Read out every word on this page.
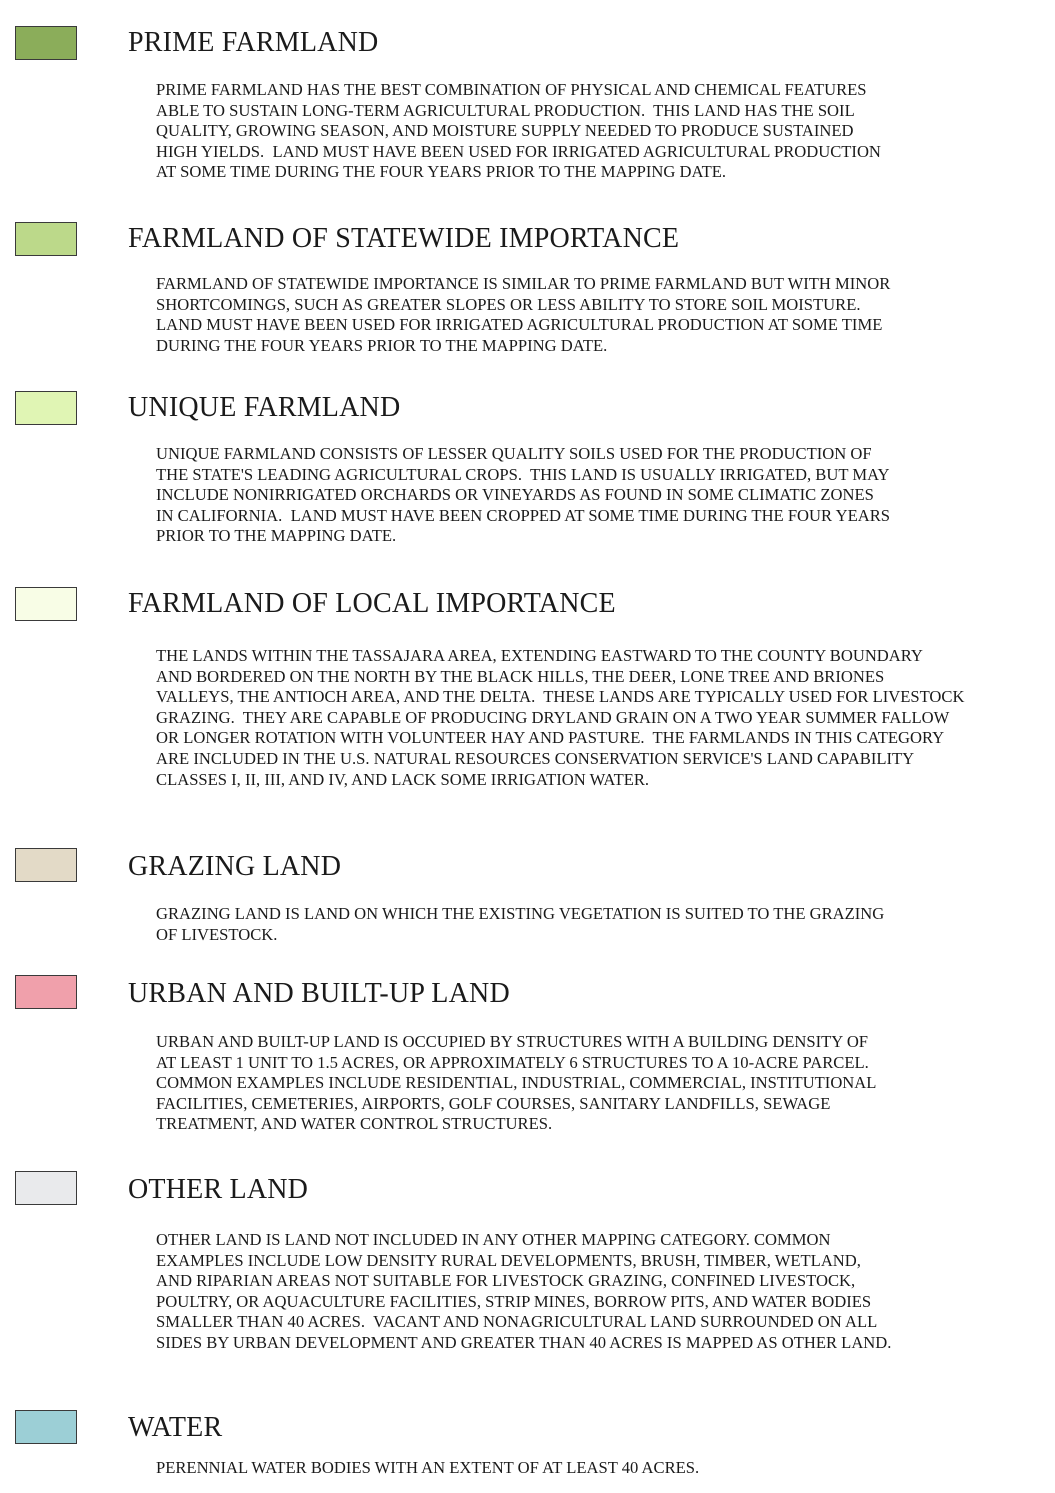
PRIME FARMLAND
PRIME FARMLAND HAS THE BEST COMBINATION OF PHYSICAL AND CHEMICAL FEATURES
ABLE TO SUSTAIN LONG-TERM AGRICULTURAL PRODUCTION.  THIS LAND HAS THE SOIL
QUALITY, GROWING SEASON, AND MOISTURE SUPPLY NEEDED TO PRODUCE SUSTAINED
HIGH YIELDS.  LAND MUST HAVE BEEN USED FOR IRRIGATED AGRICULTURAL PRODUCTION
AT SOME TIME DURING THE FOUR YEARS PRIOR TO THE MAPPING DATE.
FARMLAND OF STATEWIDE IMPORTANCE
FARMLAND OF STATEWIDE IMPORTANCE IS SIMILAR TO PRIME FARMLAND BUT WITH MINOR
SHORTCOMINGS, SUCH AS GREATER SLOPES OR LESS ABILITY TO STORE SOIL MOISTURE.
LAND MUST HAVE BEEN USED FOR IRRIGATED AGRICULTURAL PRODUCTION AT SOME TIME
DURING THE FOUR YEARS PRIOR TO THE MAPPING DATE.
UNIQUE FARMLAND
UNIQUE FARMLAND CONSISTS OF LESSER QUALITY SOILS USED FOR THE PRODUCTION OF
THE STATE'S LEADING AGRICULTURAL CROPS.  THIS LAND IS USUALLY IRRIGATED, BUT MAY
INCLUDE NONIRRIGATED ORCHARDS OR VINEYARDS AS FOUND IN SOME CLIMATIC ZONES
IN CALIFORNIA.  LAND MUST HAVE BEEN CROPPED AT SOME TIME DURING THE FOUR YEARS
PRIOR TO THE MAPPING DATE.
FARMLAND OF LOCAL IMPORTANCE
THE LANDS WITHIN THE TASSAJARA AREA, EXTENDING EASTWARD TO THE COUNTY BOUNDARY
AND BORDERED ON THE NORTH BY THE BLACK HILLS, THE DEER, LONE TREE AND BRIONES
VALLEYS, THE ANTIOCH AREA, AND THE DELTA.  THESE LANDS ARE TYPICALLY USED FOR LIVESTOCK
GRAZING.  THEY ARE CAPABLE OF PRODUCING DRYLAND GRAIN ON A TWO YEAR SUMMER FALLOW
OR LONGER ROTATION WITH VOLUNTEER HAY AND PASTURE.  THE FARMLANDS IN THIS CATEGORY
ARE INCLUDED IN THE U.S. NATURAL RESOURCES CONSERVATION SERVICE'S LAND CAPABILITY
CLASSES I, II, III, AND IV, AND LACK SOME IRRIGATION WATER.
GRAZING LAND
GRAZING LAND IS LAND ON WHICH THE EXISTING VEGETATION IS SUITED TO THE GRAZING
OF LIVESTOCK.
URBAN AND BUILT-UP LAND
URBAN AND BUILT-UP LAND IS OCCUPIED BY STRUCTURES WITH A BUILDING DENSITY OF
AT LEAST 1 UNIT TO 1.5 ACRES, OR APPROXIMATELY 6 STRUCTURES TO A 10-ACRE PARCEL.
COMMON EXAMPLES INCLUDE RESIDENTIAL, INDUSTRIAL, COMMERCIAL, INSTITUTIONAL
FACILITIES, CEMETERIES, AIRPORTS, GOLF COURSES, SANITARY LANDFILLS, SEWAGE
TREATMENT, AND WATER CONTROL STRUCTURES.
OTHER LAND
OTHER LAND IS LAND NOT INCLUDED IN ANY OTHER MAPPING CATEGORY. COMMON
EXAMPLES INCLUDE LOW DENSITY RURAL DEVELOPMENTS, BRUSH, TIMBER, WETLAND,
AND RIPARIAN AREAS NOT SUITABLE FOR LIVESTOCK GRAZING, CONFINED LIVESTOCK,
POULTRY, OR AQUACULTURE FACILITIES, STRIP MINES, BORROW PITS, AND WATER BODIES
SMALLER THAN 40 ACRES.  VACANT AND NONAGRICULTURAL LAND SURROUNDED ON ALL
SIDES BY URBAN DEVELOPMENT AND GREATER THAN 40 ACRES IS MAPPED AS OTHER LAND.
WATER
PERENNIAL WATER BODIES WITH AN EXTENT OF AT LEAST 40 ACRES.
